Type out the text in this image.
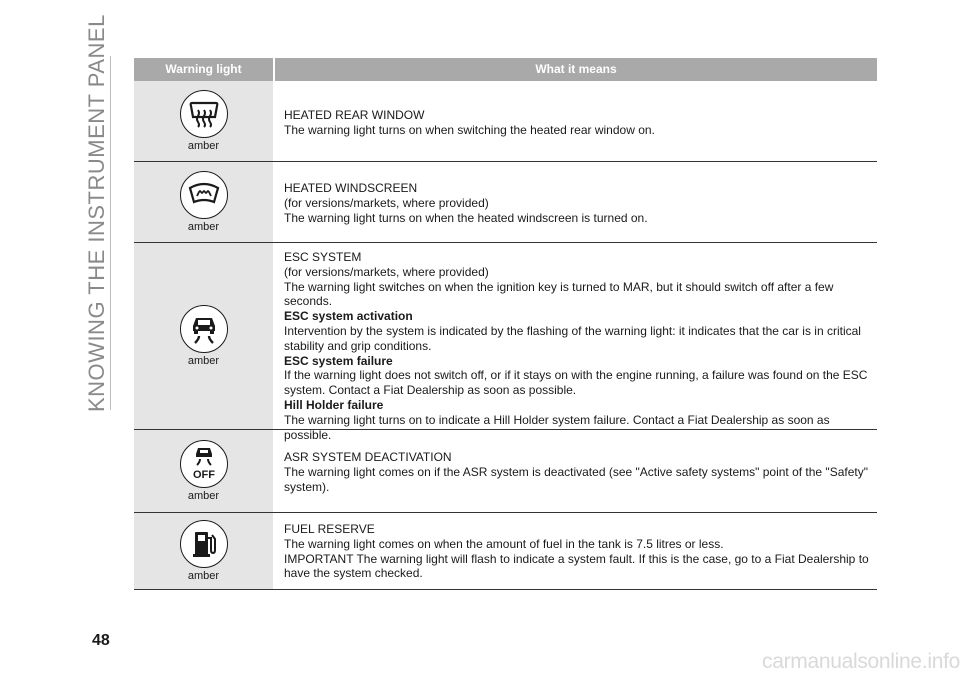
KNOWING THE INSTRUMENT PANEL	Warning light	What it means
amber
HEATED REAR WINDOW
The warning light turns on when switching the heated rear window on.
amber
HEATED WINDSCREEN
(for versions/markets, where provided)
The warning light turns on when the heated windscreen is turned on.
amber
ESC SYSTEM
(for versions/markets, where provided)
The warning light switches on when the ignition key is turned to MAR, but it should switch off after a few seconds.
ESC system activation
Intervention by the system is indicated by the flashing of the warning light: it indicates that the car is in critical stability and grip conditions.
ESC system failure
If the warning light does not switch off, or if it stays on with the engine running, a failure was found on the ESC system. Contact a Fiat Dealership as soon as possible.
Hill Holder failure
The warning light turns on to indicate a Hill Holder system failure. Contact a Fiat Dealership as soon as possible.
OFF
amber
ASR SYSTEM DEACTIVATION
The warning light comes on if the ASR system is deactivated (see "Active safety systems" point of the "Safety" system).
amber
FUEL RESERVE
The warning light comes on when the amount of fuel in the tank is 7.5 litres or less.
IMPORTANT The warning light will flash to indicate a system fault. If this is the case, go to a Fiat Dealership to have the system checked.
48
carmanualsonline.info
